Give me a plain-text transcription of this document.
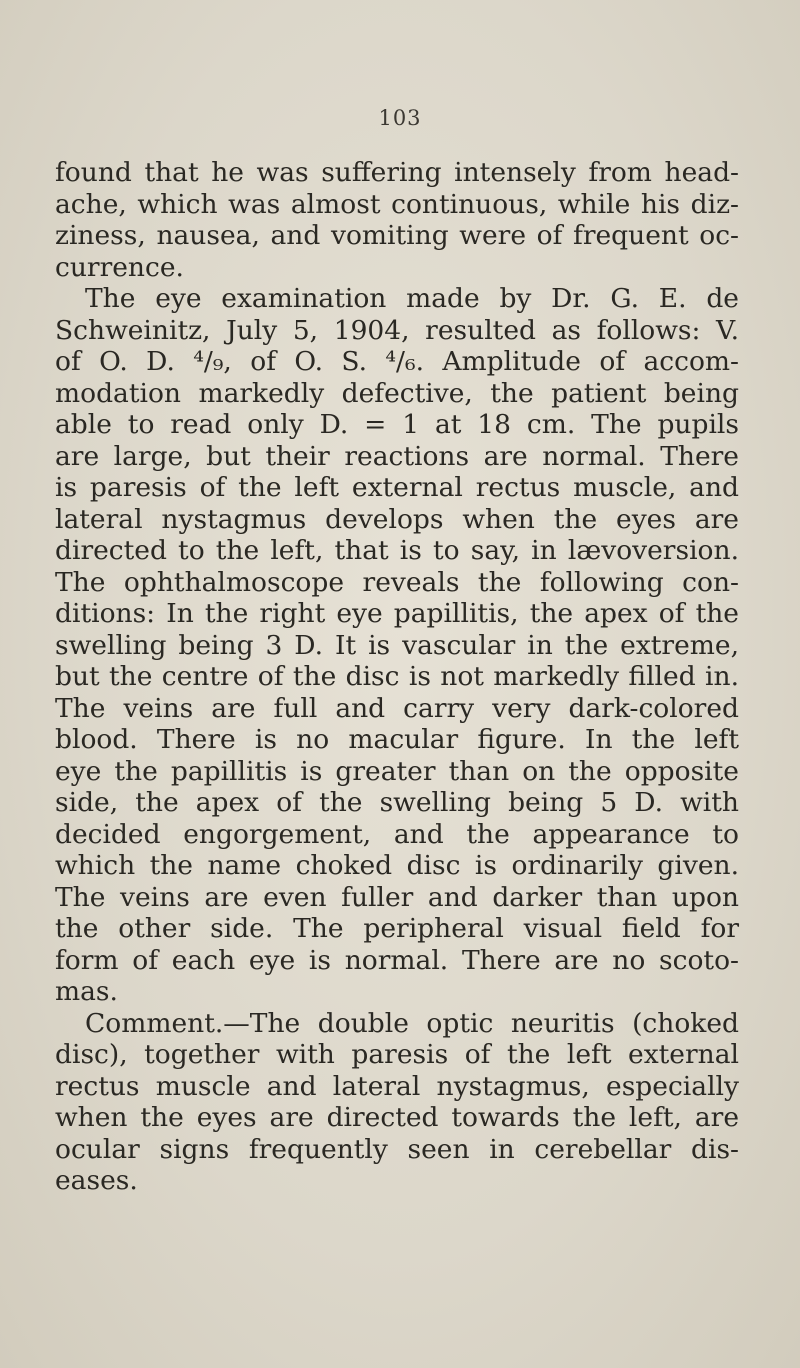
103
found that he was suffering intensely from head-
ache, which was almost continuous, while his diz-
ziness, nausea, and vomiting were of frequent oc-
currence.
The eye examination made by Dr. G. E. de
Schweinitz, July 5, 1904, resulted as follows: V.
of O. D. ⁴/₉, of O. S. ⁴/₆. Amplitude of accom-
modation markedly defective, the patient being
able to read only D. = 1 at 18 cm. The pupils
are large, but their reactions are normal. There
is paresis of the left external rectus muscle, and
lateral nystagmus develops when the eyes are
directed to the left, that is to say, in lævoversion.
The ophthalmoscope reveals the following con-
ditions: In the right eye papillitis, the apex of the
swelling being 3 D. It is vascular in the extreme,
but the centre of the disc is not markedly filled in.
The veins are full and carry very dark-colored
blood. There is no macular figure. In the left
eye the papillitis is greater than on the opposite
side, the apex of the swelling being 5 D. with
decided engorgement, and the appearance to
which the name choked disc is ordinarily given.
The veins are even fuller and darker than upon
the other side. The peripheral visual field for
form of each eye is normal. There are no scoto-
mas.
Comment.—The double optic neuritis (choked
disc), together with paresis of the left external
rectus muscle and lateral nystagmus, especially
when the eyes are directed towards the left, are
ocular signs frequently seen in cerebellar dis-
eases.
